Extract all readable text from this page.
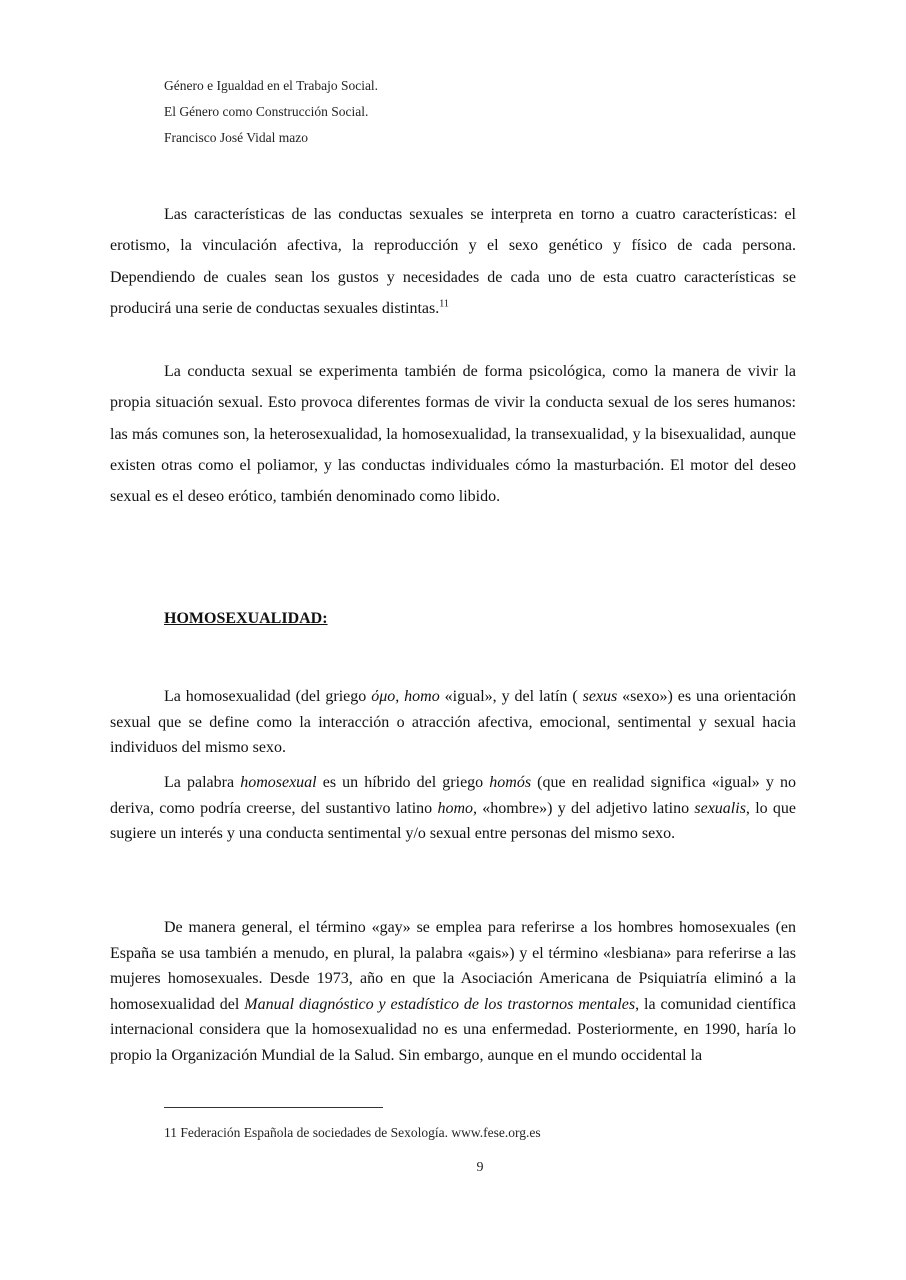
Género e Igualdad en el Trabajo Social.
El Género como Construcción Social.
Francisco José Vidal mazo

Las características de las conductas sexuales se interpreta en torno a cuatro características: el erotismo, la vinculación afectiva, la reproducción y el sexo genético y físico de cada persona. Dependiendo de cuales sean los gustos y necesidades de cada uno de esta cuatro características se producirá una serie de conductas sexuales distintas.$^{11}$

La conducta sexual se experimenta también de forma psicológica, como la manera de vivir la propia situación sexual. Esto provoca diferentes formas de vivir la conducta sexual de los seres humanos: las más comunes son, la heterosexualidad, la homosexualidad, la transexualidad, y la bisexualidad, aunque existen otras como el poliamor, y las conductas individuales cómo la masturbación. El motor del deseo sexual es el deseo erótico, también denominado como libido.

HOMOSEXUALIDAD:

La homosexualidad (del griego όμο, homo «igual», y del latín ( sexus «sexo») es una orientación sexual que se define como la interacción o atracción afectiva, emocional, sentimental y sexual hacia individuos del mismo sexo.

La palabra homosexual es un híbrido del griego homós (que en realidad significa «igual» y no deriva, como podría creerse, del sustantivo latino homo, «hombre») y del adjetivo latino sexualis, lo que sugiere un interés y una conducta sentimental y/o sexual entre personas del mismo sexo.

De manera general, el término «gay» se emplea para referirse a los hombres homosexuales (en España se usa también a menudo, en plural, la palabra «gais») y el término «lesbiana» para referirse a las mujeres homosexuales. Desde 1973, año en que la Asociación Americana de Psiquiatría eliminó a la homosexualidad del Manual diagnóstico y estadístico de los trastornos mentales, la comunidad científica internacional considera que la homosexualidad no es una enfermedad. Posteriormente, en 1990, haría lo propio la Organización Mundial de la Salud. Sin embargo, aunque en el mundo occidental la

11 Federación Española de sociedades de Sexología. www.fese.org.es
9
